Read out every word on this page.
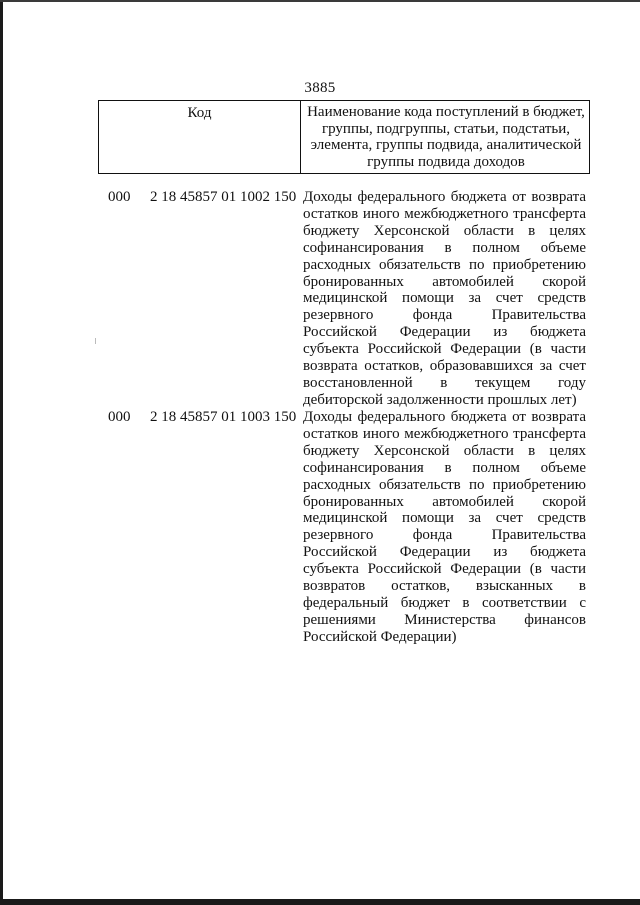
3885
Код	Наименование кода поступлений в бюджет, группы, подгруппы, статьи, подстатьи, элемента, группы подвида, аналитической группы подвида доходов
000 2 18 45857 01 1002 150 Доходы федерального бюджета от возврата остатков иного межбюджетного трансферта бюджету Херсонской области в целях софинансирования в полном объеме расходных обязательств по приобретению бронированных автомобилей скорой медицинской помощи за счет средств резервного фонда Правительства Российской Федерации из бюджета субъекта Российской Федерации (в части возврата остатков, образовавшихся за счет восстановленной в текущем году дебиторской задолженности прошлых лет)
000 2 18 45857 01 1003 150 Доходы федерального бюджета от возврата остатков иного межбюджетного трансферта бюджету Херсонской области в целях софинансирования в полном объеме расходных обязательств по приобретению бронированных автомобилей скорой медицинской помощи за счет средств резервного фонда Правительства Российской Федерации из бюджета субъекта Российской Федерации (в части возвратов остатков, взысканных в федеральный бюджет в соответствии с решениями Министерства финансов Российской Федерации)
